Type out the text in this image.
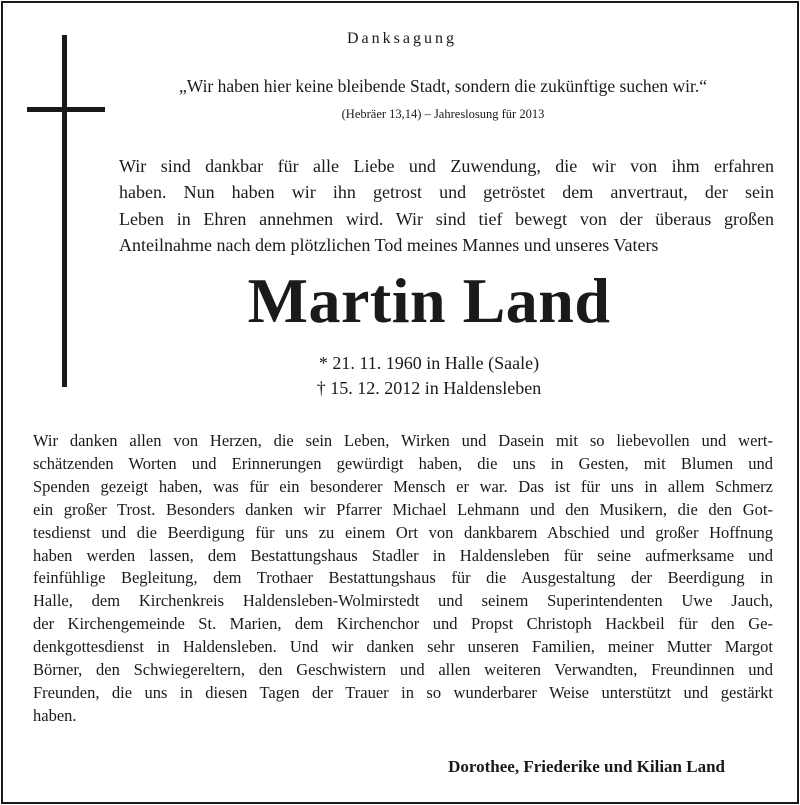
Danksagung
„Wir haben hier keine bleibende Stadt, sondern die zukünftige suchen wir.“
(Hebräer 13,14) – Jahreslosung für 2013
Wir sind dankbar für alle Liebe und Zuwendung, die wir von ihm erfahren
haben. Nun haben wir ihn getrost und getröstet dem anvertraut, der sein
Leben in Ehren annehmen wird. Wir sind tief bewegt von der überaus großen
Anteilnahme nach dem plötzlichen Tod meines Mannes und unseres Vaters
Martin Land
* 21. 11. 1960 in Halle (Saale)
† 15. 12. 2012 in Haldensleben
Wir danken allen von Herzen, die sein Leben, Wirken und Dasein mit so liebevollen und wert-
schätzenden Worten und Erinnerungen gewürdigt haben, die uns in Gesten, mit Blumen und
Spenden gezeigt haben, was für ein besonderer Mensch er war. Das ist für uns in allem Schmerz
ein großer Trost. Besonders danken wir Pfarrer Michael Lehmann und den Musikern, die den Got-
tesdienst und die Beerdigung für uns zu einem Ort von dankbarem Abschied und großer Hoffnung
haben werden lassen, dem Bestattungshaus Stadler in Haldensleben für seine aufmerksame und
feinfühlige Begleitung, dem Trothaer Bestattungshaus für die Ausgestaltung der Beerdigung in
Halle, dem Kirchenkreis Haldensleben-Wolmirstedt und seinem Superintendenten Uwe Jauch,
der Kirchengemeinde St. Marien, dem Kirchenchor und Propst Christoph Hackbeil für den Ge-
denkgottesdienst in Haldensleben. Und wir danken sehr unseren Familien, meiner Mutter Margot
Börner, den Schwiegereltern, den Geschwistern und allen weiteren Verwandten, Freundinnen und
Freunden, die uns in diesen Tagen der Trauer in so wunderbarer Weise unterstützt und gestärkt
haben.
Dorothee, Friederike und Kilian Land
